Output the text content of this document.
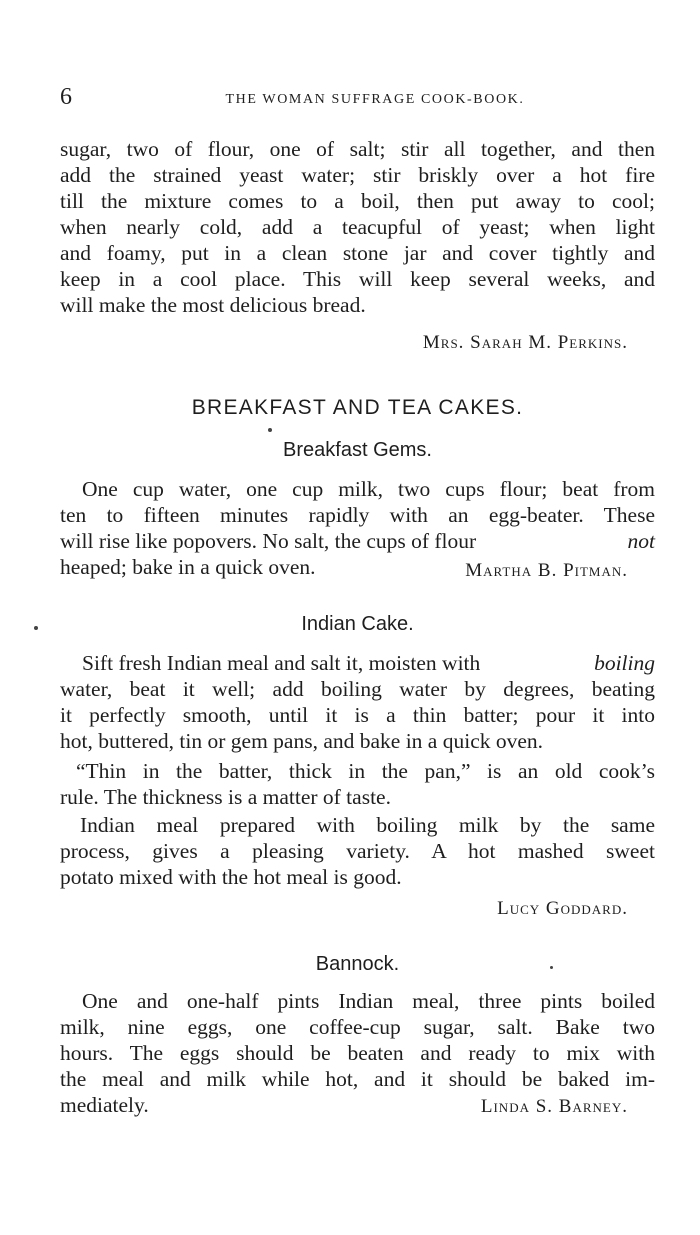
6	THE WOMAN SUFFRAGE COOK-BOOK.
sugar, two of flour, one of salt; stir all together, and then
add the strained yeast water; stir briskly over a hot fire
till the mixture comes to a boil, then put away to cool;
when nearly cold, add a teacupful of yeast; when light
and foamy, put in a clean stone jar and cover tightly and
keep in a cool place. This will keep several weeks, and
will make the most delicious bread.
Mrs. Sarah M. Perkins.
BREAKFAST AND TEA CAKES.
Breakfast Gems.
One cup water, one cup milk, two cups flour; beat from
ten to fifteen minutes rapidly with an egg-beater. These
will rise like popovers. No salt, the cups of flour	not
heaped; bake in a quick oven.	Martha B. Pitman.
Indian Cake.
Sift fresh Indian meal and salt it, moisten with	boiling
water, beat it well; add boiling water by degrees, beating
it perfectly smooth, until it is a thin batter; pour it into
hot, buttered, tin or gem pans, and bake in a quick oven.
“Thin in the batter, thick in the pan,” is an old cook’s
rule. The thickness is a matter of taste.
Indian meal prepared with boiling milk by the same
process, gives a pleasing variety. A hot mashed sweet
potato mixed with the hot meal is good.
Lucy Goddard.
Bannock.
One and one-half pints Indian meal, three pints boiled
milk, nine eggs, one coffee-cup sugar, salt. Bake two
hours. The eggs should be beaten and ready to mix with
the meal and milk while hot, and it should be baked im-
mediately.	Linda S. Barney.
